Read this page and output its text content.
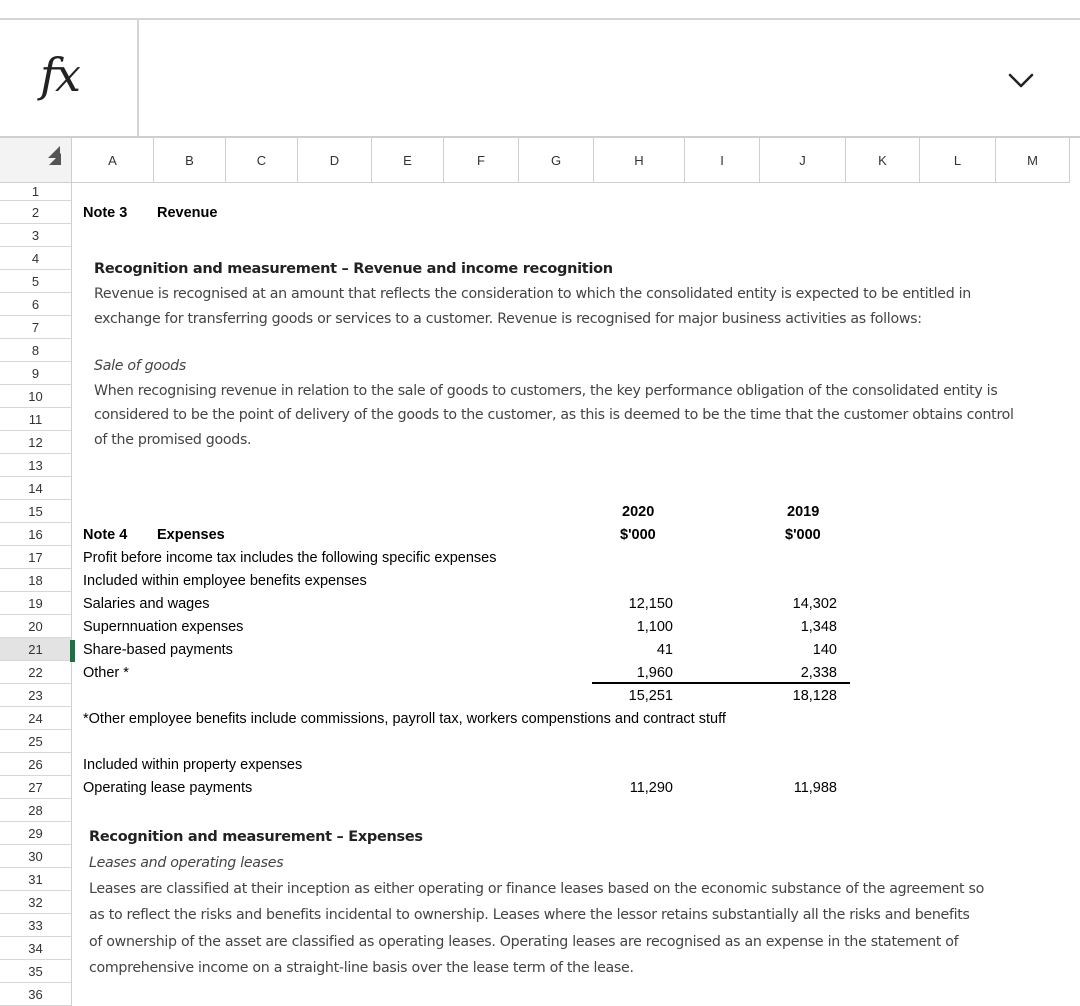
fx
A	B	C	D	E	F	G	H	I	J	K	L	M
1
2
3
4
5
6
7
8
9
10
11
12
13
14
15
16
17
18
19
20
21
22
23
24
25
26
27
28
29
30
31
32
33
34
35
36
Note 3 Revenue
Recognition and measurement – Revenue and income recognition
Revenue is recognised at an amount that reflects the consideration to which the consolidated entity is expected to be entitled in
exchange for transferring goods or services to a customer. Revenue is recognised for major business activities as follows:
Sale of goods
When recognising revenue in relation to the sale of goods to customers, the key performance obligation of the consolidated entity is
considered to be the point of delivery of the goods to the customer, as this is deemed to be the time that the customer obtains control
of the promised goods.
2020	2019
$'000	$'000
Note 4 Expenses
Profit before income tax includes the following specific expenses
Included within employee benefits expenses
Salaries and wages	12,150	14,302
Supernnuation expenses	1,100	1,348
Share-based payments	41	140
Other *	1,960	2,338
15,251	18,128
*Other employee benefits include commissions, payroll tax, workers compenstions and contract stuff
Included within property expenses
Operating lease payments	11,290	11,988
Recognition and measurement – Expenses
Leases and operating leases
Leases are classified at their inception as either operating or finance leases based on the economic substance of the agreement so
as to reflect the risks and benefits incidental to ownership. Leases where the lessor retains substantially all the risks and benefits
of ownership of the asset are classified as operating leases. Operating leases are recognised as an expense in the statement of
comprehensive income on a straight-line basis over the lease term of the lease.
